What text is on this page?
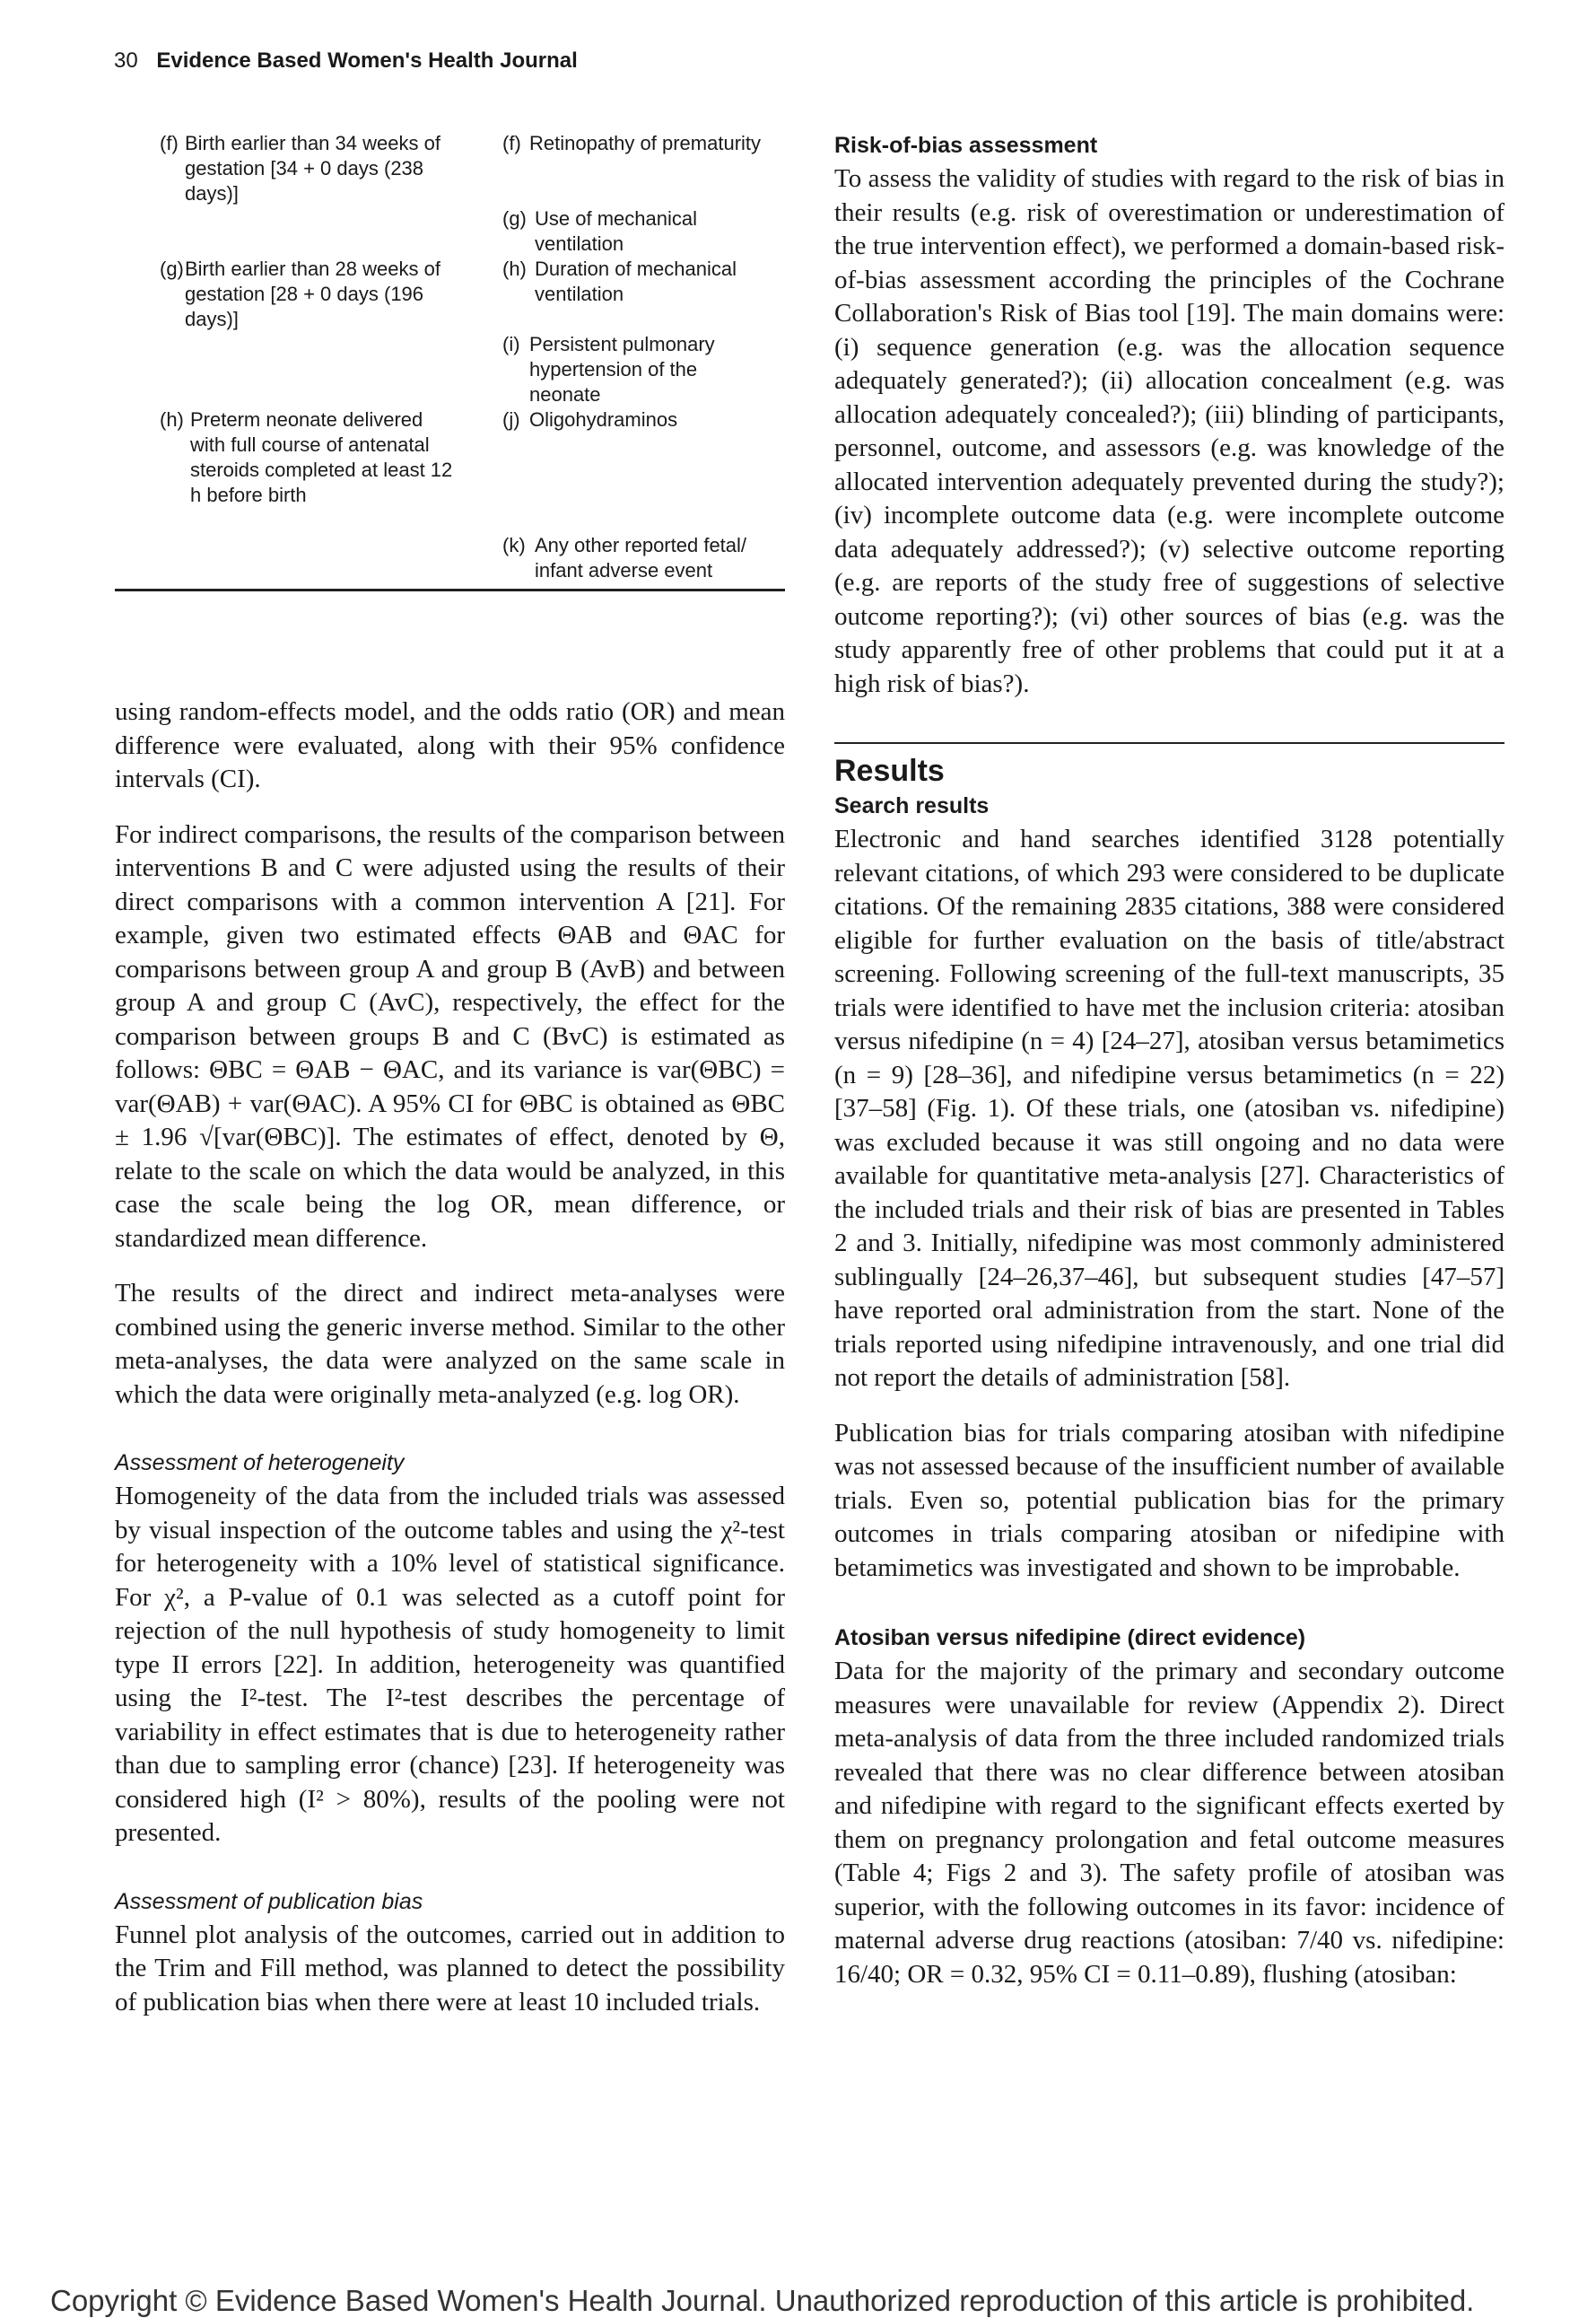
30 Evidence Based Women's Health Journal
(f) Birth earlier than 34 weeks of gestation [34 + 0 days (238 days)]
(g) Birth earlier than 28 weeks of gestation [28 + 0 days (196 days)]
(h) Preterm neonate delivered with full course of antenatal steroids completed at least 12 h before birth
(f) Retinopathy of prematurity
(g) Use of mechanical ventilation
(h) Duration of mechanical ventilation
(i) Persistent pulmonary hypertension of the neonate
(j) Oligohydraminos
(k) Any other reported fetal/ infant adverse event

using random-effects model, and the odds ratio (OR) and mean difference were evaluated, along with their 95% confidence intervals (CI).

For indirect comparisons, the results of the comparison between interventions B and C were adjusted using the results of their direct comparisons with a common intervention A [21]. For example, given two estimated effects ΘAB and ΘAC for comparisons between group A and group B (AvB) and between group A and group C (AvC), respectively, the effect for the comparison between groups B and C (BvC) is estimated as follows: ΘBC = ΘAB − ΘAC, and its variance is var(ΘBC) = var(ΘAB) + var(ΘAC). A 95% CI for ΘBC is obtained as ΘBC ± 1.96 √[var(ΘBC)]. The estimates of effect, denoted by Θ, relate to the scale on which the data would be analyzed, in this case the scale being the log OR, mean difference, or standardized mean difference.

The results of the direct and indirect meta-analyses were combined using the generic inverse method. Similar to the other meta-analyses, the data were analyzed on the same scale in which the data were originally meta-analyzed (e.g. log OR).

Assessment of heterogeneity

Homogeneity of the data from the included trials was assessed by visual inspection of the outcome tables and using the χ²-test for heterogeneity with a 10% level of statistical significance. For χ², a P-value of 0.1 was selected as a cutoff point for rejection of the null hypothesis of study homogeneity to limit type II errors [22]. In addition, heterogeneity was quantified using the I²-test. The I²-test describes the percentage of variability in effect estimates that is due to heterogeneity rather than due to sampling error (chance) [23]. If heterogeneity was considered high (I² > 80%), results of the pooling were not presented.

Assessment of publication bias

Funnel plot analysis of the outcomes, carried out in addition to the Trim and Fill method, was planned to detect the possibility of publication bias when there were at least 10 included trials.

Risk-of-bias assessment

To assess the validity of studies with regard to the risk of bias in their results (e.g. risk of overestimation or underestimation of the true intervention effect), we performed a domain-based risk-of-bias assessment according the principles of the Cochrane Collaboration's Risk of Bias tool [19]. The main domains were: (i) sequence generation (e.g. was the allocation sequence adequately generated?); (ii) allocation concealment (e.g. was allocation adequately concealed?); (iii) blinding of participants, personnel, outcome, and assessors (e.g. was knowledge of the allocated intervention adequately prevented during the study?); (iv) incomplete outcome data (e.g. were incomplete outcome data adequately addressed?); (v) selective outcome reporting (e.g. are reports of the study free of suggestions of selective outcome reporting?); (vi) other sources of bias (e.g. was the study apparently free of other problems that could put it at a high risk of bias?).

Results
Search results

Electronic and hand searches identified 3128 potentially relevant citations, of which 293 were considered to be duplicate citations. Of the remaining 2835 citations, 388 were considered eligible for further evaluation on the basis of title/abstract screening. Following screening of the full-text manuscripts, 35 trials were identified to have met the inclusion criteria: atosiban versus nifedipine (n = 4) [24–27], atosiban versus betamimetics (n = 9) [28–36], and nifedipine versus betamimetics (n = 22) [37–58] (Fig. 1). Of these trials, one (atosiban vs. nifedipine) was excluded because it was still ongoing and no data were available for quantitative meta-analysis [27]. Characteristics of the included trials and their risk of bias are presented in Tables 2 and 3. Initially, nifedipine was most commonly administered sublingually [24–26,37–46], but subsequent studies [47–57] have reported oral administration from the start. None of the trials reported using nifedipine intravenously, and one trial did not report the details of administration [58].

Publication bias for trials comparing atosiban with nifedipine was not assessed because of the insufficient number of available trials. Even so, potential publication bias for the primary outcomes in trials comparing atosiban or nifedipine with betamimetics was investigated and shown to be improbable.

Atosiban versus nifedipine (direct evidence)

Data for the majority of the primary and secondary outcome measures were unavailable for review (Appendix 2). Direct meta-analysis of data from the three included randomized trials revealed that there was no clear difference between atosiban and nifedipine with regard to the significant effects exerted by them on pregnancy prolongation and fetal outcome measures (Table 4; Figs 2 and 3). The safety profile of atosiban was superior, with the following outcomes in its favor: incidence of maternal adverse drug reactions (atosiban: 7/40 vs. nifedipine: 16/40; OR = 0.32, 95% CI = 0.11–0.89), flushing (atosiban:

Copyright © Evidence Based Women's Health Journal. Unauthorized reproduction of this article is prohibited.
